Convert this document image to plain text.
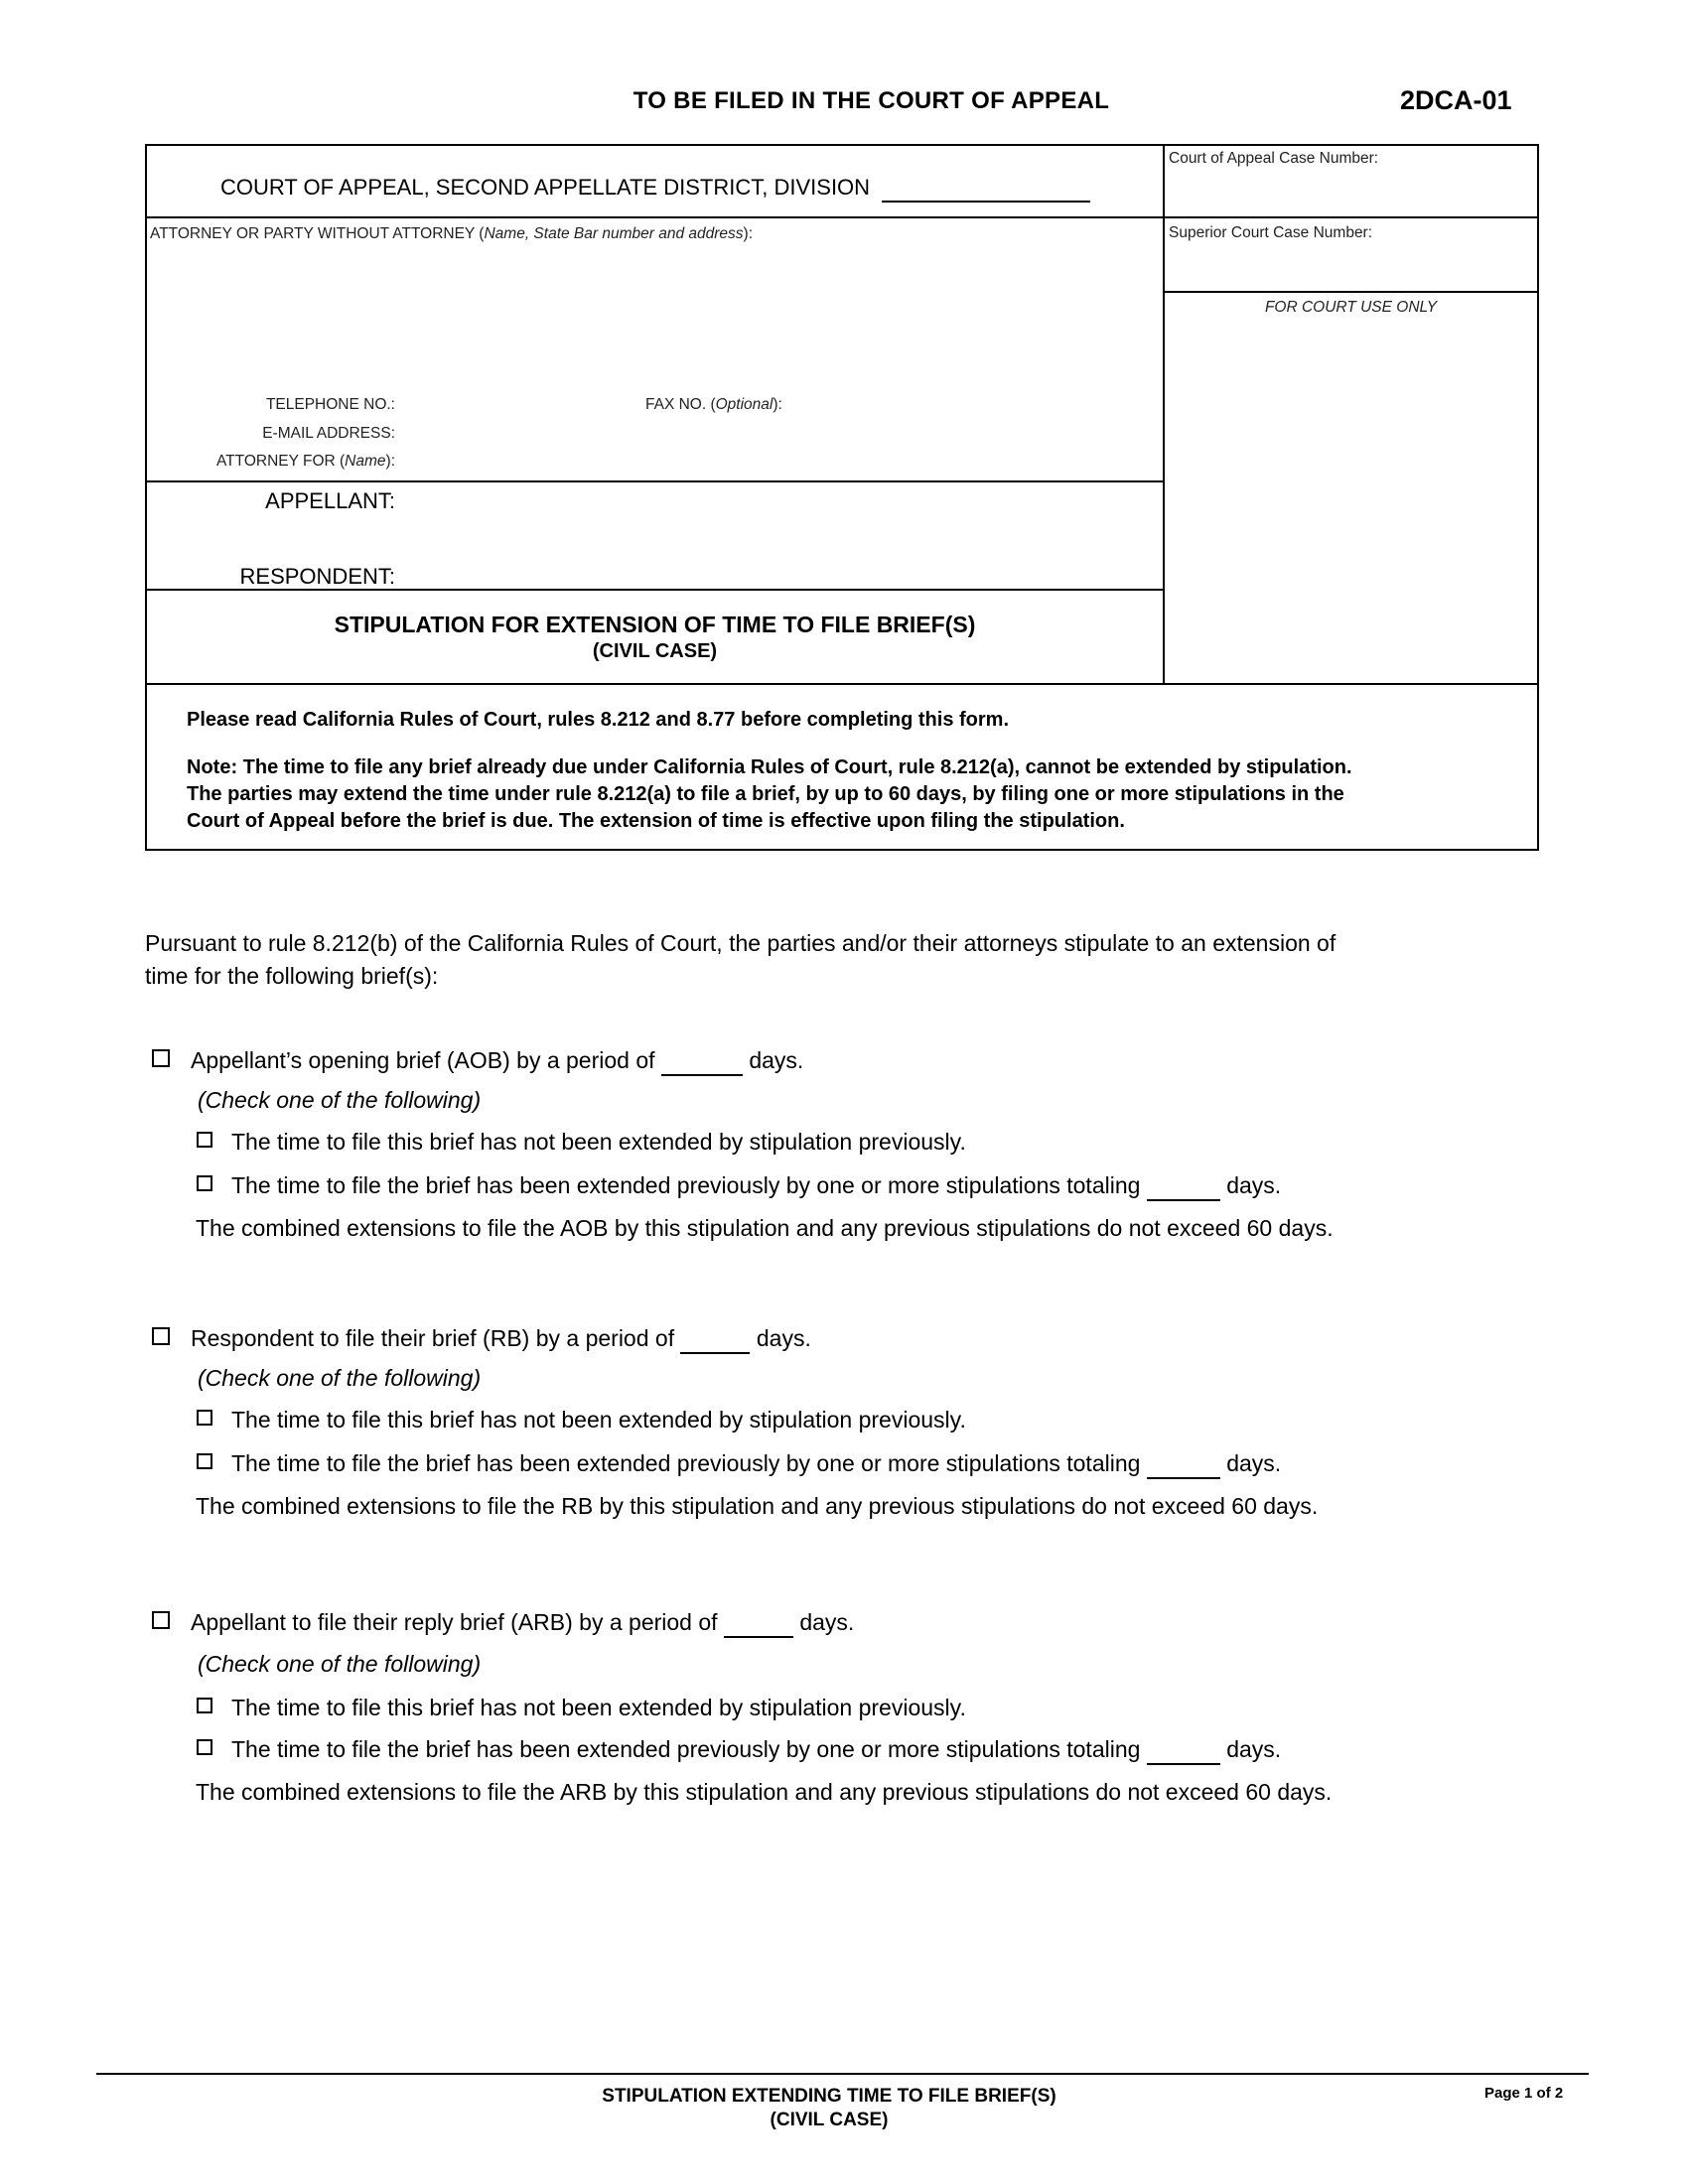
TO BE FILED IN THE COURT OF APPEAL	2DCA-01
COURT OF APPEAL, SECOND APPELLATE DISTRICT, DIVISION
Court of Appeal Case Number:
Superior Court Case Number:
FOR COURT USE ONLY
ATTORNEY OR PARTY WITHOUT ATTORNEY (Name, State Bar number and address):
TELEPHONE NO.:	FAX NO. (Optional):
E-MAIL ADDRESS:
ATTORNEY FOR (Name):
APPELLANT:
RESPONDENT:
STIPULATION FOR EXTENSION OF TIME TO FILE BRIEF(S)
(CIVIL CASE)
Please read California Rules of Court, rules 8.212 and 8.77 before completing this form.
Note: The time to file any brief already due under California Rules of Court, rule 8.212(a), cannot be extended by stipulation.
The parties may extend the time under rule 8.212(a) to file a brief, by up to 60 days, by filing one or more stipulations in the
Court of Appeal before the brief is due. The extension of time is effective upon filing the stipulation.
Pursuant to rule 8.212(b) of the California Rules of Court, the parties and/or their attorneys stipulate to an extension of
time for the following brief(s):
Appellant’s opening brief (AOB) by a period of	days.
(Check one of the following)
The time to file this brief has not been extended by stipulation previously.
The time to file the brief has been extended previously by one or more stipulations totaling	days.
The combined extensions to file the AOB by this stipulation and any previous stipulations do not exceed 60 days.
Respondent to file their brief (RB) by a period of	days.
(Check one of the following)
The time to file this brief has not been extended by stipulation previously.
The time to file the brief has been extended previously by one or more stipulations totaling	days.
The combined extensions to file the RB by this stipulation and any previous stipulations do not exceed 60 days.
Appellant to file their reply brief (ARB) by a period of	days.
(Check one of the following)
The time to file this brief has not been extended by stipulation previously.
The time to file the brief has been extended previously by one or more stipulations totaling	days.
The combined extensions to file the ARB by this stipulation and any previous stipulations do not exceed 60 days.
STIPULATION EXTENDING TIME TO FILE BRIEF(S)
(CIVIL CASE)
Page 1 of 2
